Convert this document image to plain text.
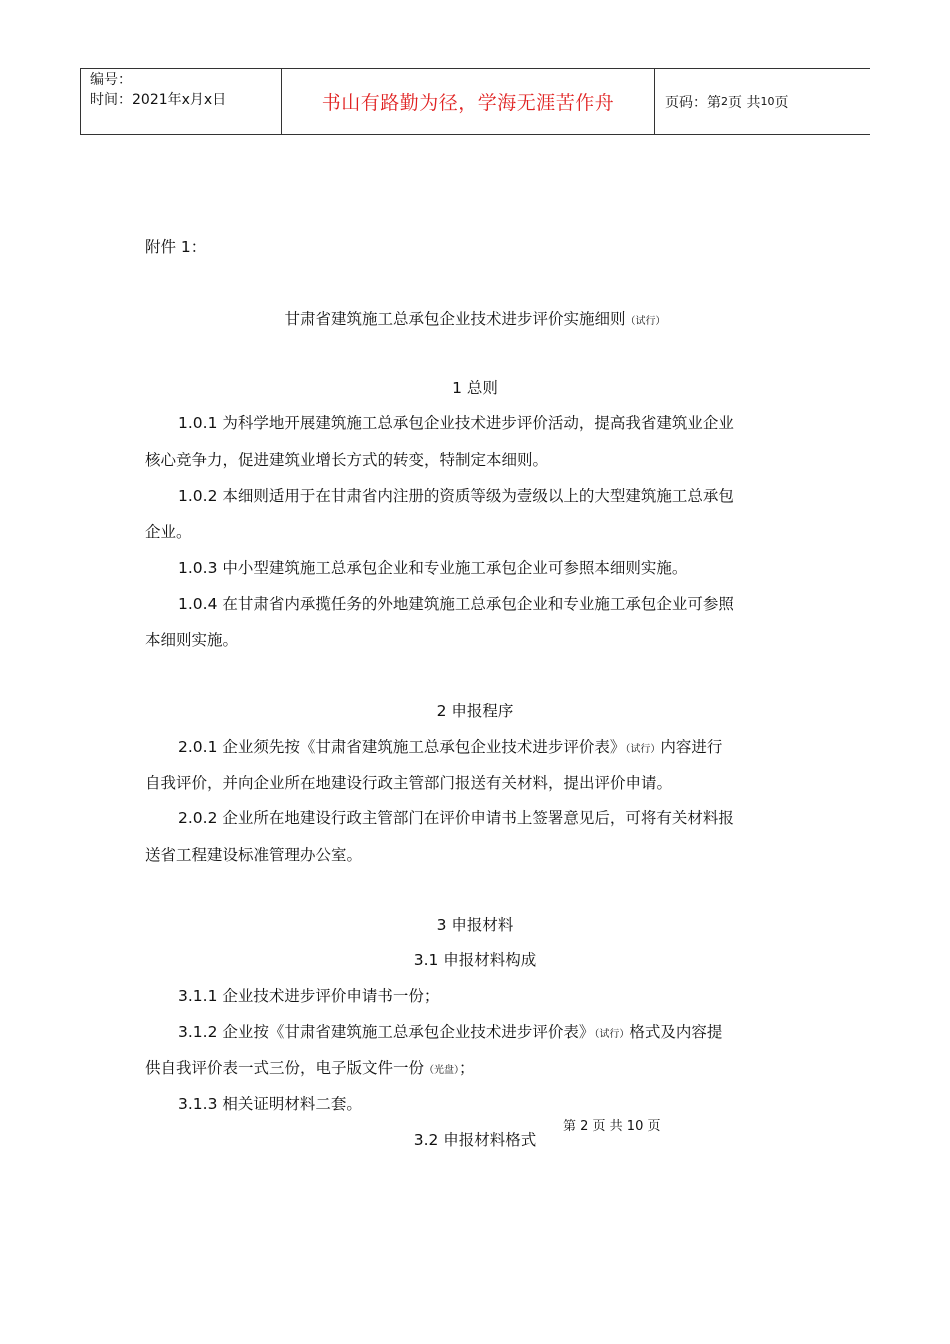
编号：
时间：2021年x月x日	书山有路勤为径，学海无涯苦作舟	页码：第 2 页 共 10 页
附件 1：
甘肃省建筑施工总承包企业技术进步评价实施细则（试行）
1 总则
1.0.1 为科学地开展建筑施工总承包企业技术进步评价活动，提高我省建筑业企业
核心竞争力，促进建筑业增长方式的转变，特制定本细则。
1.0.2 本细则适用于在甘肃省内注册的资质等级为壹级以上的大型建筑施工总承包
企业。
1.0.3 中小型建筑施工总承包企业和专业施工承包企业可参照本细则实施。
1.0.4 在甘肃省内承揽任务的外地建筑施工总承包企业和专业施工承包企业可参照
本细则实施。
2 申报程序
2.0.1 企业须先按《甘肃省建筑施工总承包企业技术进步评价表》（试行）内容进行
自我评价，并向企业所在地建设行政主管部门报送有关材料，提出评价申请。
2.0.2 企业所在地建设行政主管部门在评价申请书上签署意见后，可将有关材料报
送省工程建设标准管理办公室。
3 申报材料
3.1 申报材料构成
3.1.1 企业技术进步评价申请书一份；
3.1.2 企业按《甘肃省建筑施工总承包企业技术进步评价表》（试行）格式及内容提
供自我评价表一式三份，电子版文件一份（光盘）；
3.1.3 相关证明材料二套。
3.2 申报材料格式
第 2 页 共 10 页
